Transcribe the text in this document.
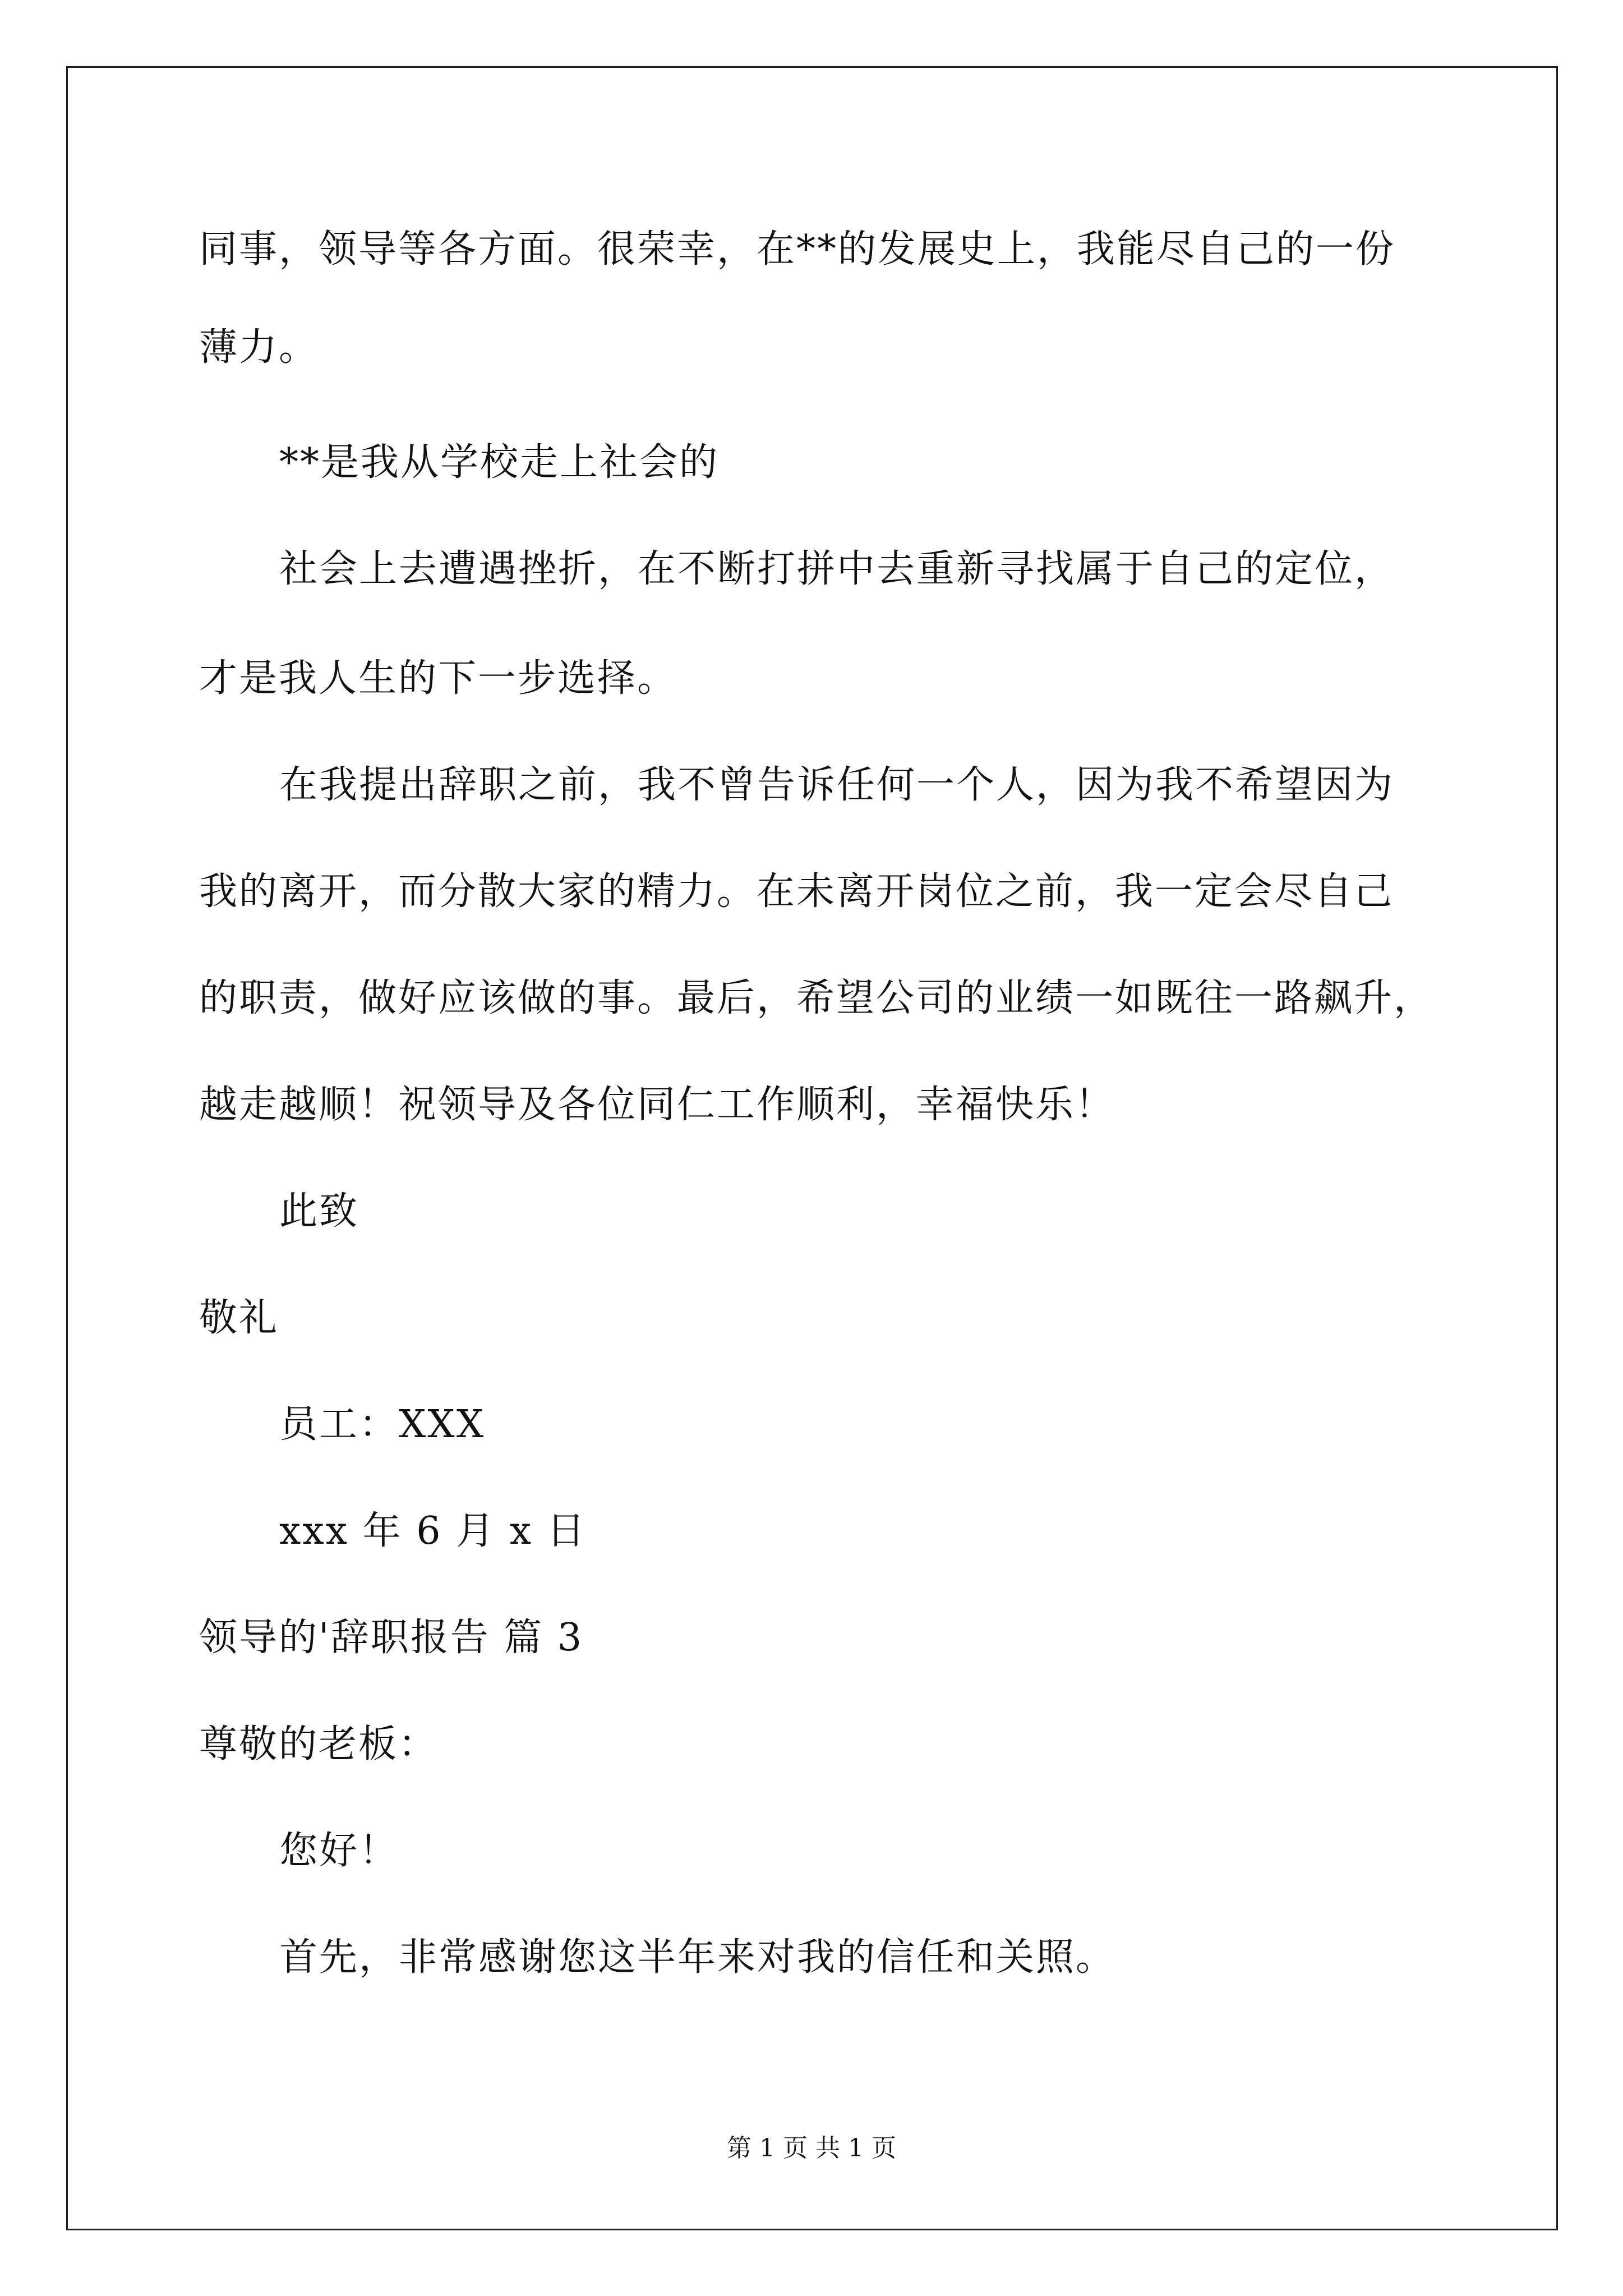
同事，领导等各方面。很荣幸，在**的发展史上，我能尽自己的一份
薄力。
**是我从学校走上社会的
社会上去遭遇挫折，在不断打拼中去重新寻找属于自己的定位，
才是我人生的下一步选择。
在我提出辞职之前，我不曾告诉任何一个人，因为我不希望因为
我的离开，而分散大家的精力。在未离开岗位之前，我一定会尽自己
的职责，做好应该做的事。最后，希望公司的业绩一如既往一路飙升，
越走越顺！祝领导及各位同仁工作顺利，幸福快乐！
此致
敬礼
员工：XXX
xxx 年 6 月 x 日
领导的'辞职报告 篇 3
尊敬的老板：
您好！
首先，非常感谢您这半年来对我的信任和关照。
第 1 页 共 1 页
